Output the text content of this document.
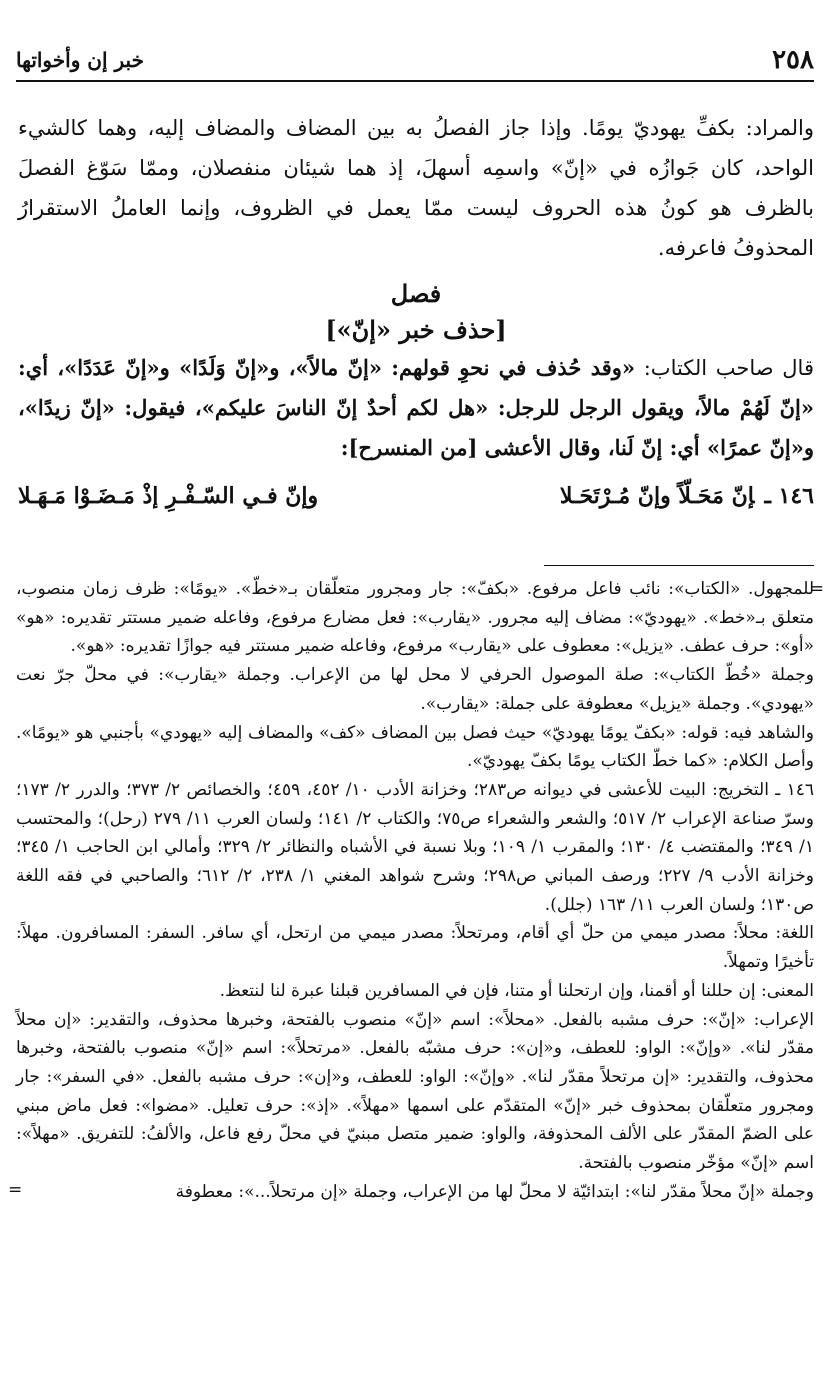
٢٥٨
خبر إن وأخواتها

والمراد: بكفِّ يهوديّ يومًا. وإذا جاز الفصلُ به بين المضاف والمضاف إليه، وهما كالشيء الواحد، كان جَوازُه في «إنّ» واسمِه أسهلَ، إذ هما شيئان منفصلان، وممّا سَوّغ الفصلَ بالظرف هو كونُ هذه الحروف ليست ممّا يعمل في الظروف، وإنما العاملُ الاستقرارُ المحذوفُ فاعرفه.

فصل
[حذف خبر «إنّ»]

قال صاحب الكتاب: «وقد حُذف في نحوِ قولهم: «إنّ مالاً»، و«إنّ وَلَدًا» و«إنّ عَدَدًا»، أي: «إنّ لَهُمْ مالاً، ويقول الرجل للرجل: «هل لكم أحدٌ إنّ الناسَ عليكم»، فيقول: «إنّ زيدًا»، و«إنّ عمرًا» أي: إنّ لَنا، وقال الأعشى [من المنسرح]:

١٤٦ ـإنّ مَحَـلّاً وإنّ مُـرْتَحَـلا
وإنّ فـي السّـفْـرِ إذْ مَـضَـوْا مَـهَـلا
=

للمجهول. «الكتاب»: نائب فاعل مرفوع. «بكفّ»: جار ومجرور متعلّقان بـ«خطّ». «يومًا»: ظرف زمان منصوب، متعلق بـ«خط». «يهوديّ»: مضاف إليه مجرور. «يقارب»: فعل مضارع مرفوع، وفاعله ضمير مستتر تقديره: «هو» «أو»: حرف عطف. «يزيل»: معطوف على «يقارب» مرفوع، وفاعله ضمير مستتر فيه جوازًا تقديره: «هو».

وجملة «خُطّ الكتاب»: صلة الموصول الحرفي لا محل لها من الإعراب. وجملة «يقارب»: في محلّ جرّ نعت «يهودي». وجملة «يزيل» معطوفة على جملة: «يقارب».

والشاهد فيه: قوله: «بكفّ يومًا يهوديّ» حيث فصل بين المضاف «كف» والمضاف إليه «يهودي» بأجنبي هو «يومًا». وأصل الكلام: «كما خطّ الكتاب يومًا بكفّ يهوديّ».

١٤٦ ـ التخريج: البيت للأعشى في ديوانه ص٢٨٣؛ وخزانة الأدب ١٠/ ٤٥٢، ٤٥٩؛ والخصائص ٢/ ٣٧٣؛ والدرر ٢/ ١٧٣؛ وسرّ صناعة الإعراب ٢/ ٥١٧؛ والشعر والشعراء ص٧٥؛ والكتاب ٢/ ١٤١؛ ولسان العرب ١١/ ٢٧٩ (رحل)؛ والمحتسب ١/ ٣٤٩؛ والمقتضب ٤/ ١٣٠؛ والمقرب ١/ ١٠٩؛ وبلا نسبة في الأشباه والنظائر ٢/ ٣٢٩؛ وأمالي ابن الحاجب ١/ ٣٤٥؛ وخزانة الأدب ٩/ ٢٢٧؛ ورصف المباني ص٢٩٨؛ وشرح شواهد المغني ١/ ٢٣٨، ٢/ ٦١٢؛ والصاحبي في فقه اللغة ص١٣٠؛ ولسان العرب ١١/ ١٦٣ (جلل).

اللغة: محلاً: مصدر ميمي من حلّ أي أقام، ومرتحلاً: مصدر ميمي من ارتحل، أي سافر. السفر: المسافرون. مهلاً: تأخيرًا وتمهلاً.

المعنى: إن حللنا أو أقمنا، وإن ارتحلنا أو متنا، فإن في المسافرين قبلنا عبرة لنا لنتعظ.

الإعراب: «إنّ»: حرف مشبه بالفعل. «محلاً»: اسم «إنّ» منصوب بالفتحة، وخبرها محذوف، والتقدير: «إن محلاً مقدّر لنا». «وإنّ»: الواو: للعطف، و«إن»: حرف مشبّه بالفعل. «مرتحلاً»: اسم «إنّ» منصوب بالفتحة، وخبرها محذوف، والتقدير: «إن مرتحلاً مقدّر لنا». «وإنّ»: الواو: للعطف، و«إن»: حرف مشبه بالفعل. «في السفر»: جار ومجرور متعلّقان بمحذوف خبر «إنّ» المتقدّم على اسمها «مهلاً». «إذ»: حرف تعليل. «مضوا»: فعل ماض مبني على الضمّ المقدّر على الألف المحذوفة، والواو: ضمير متصل مبنيّ في محلّ رفع فاعل، والألفُ: للتفريق. «مهلاً»: اسم «إنّ» مؤخّر منصوب بالفتحة.

وجملة «إنّ محلاً مقدّر لنا»: ابتدائيّة لا محلّ لها من الإعراب، وجملة «إن مرتحلاً...»: معطوفة

=
